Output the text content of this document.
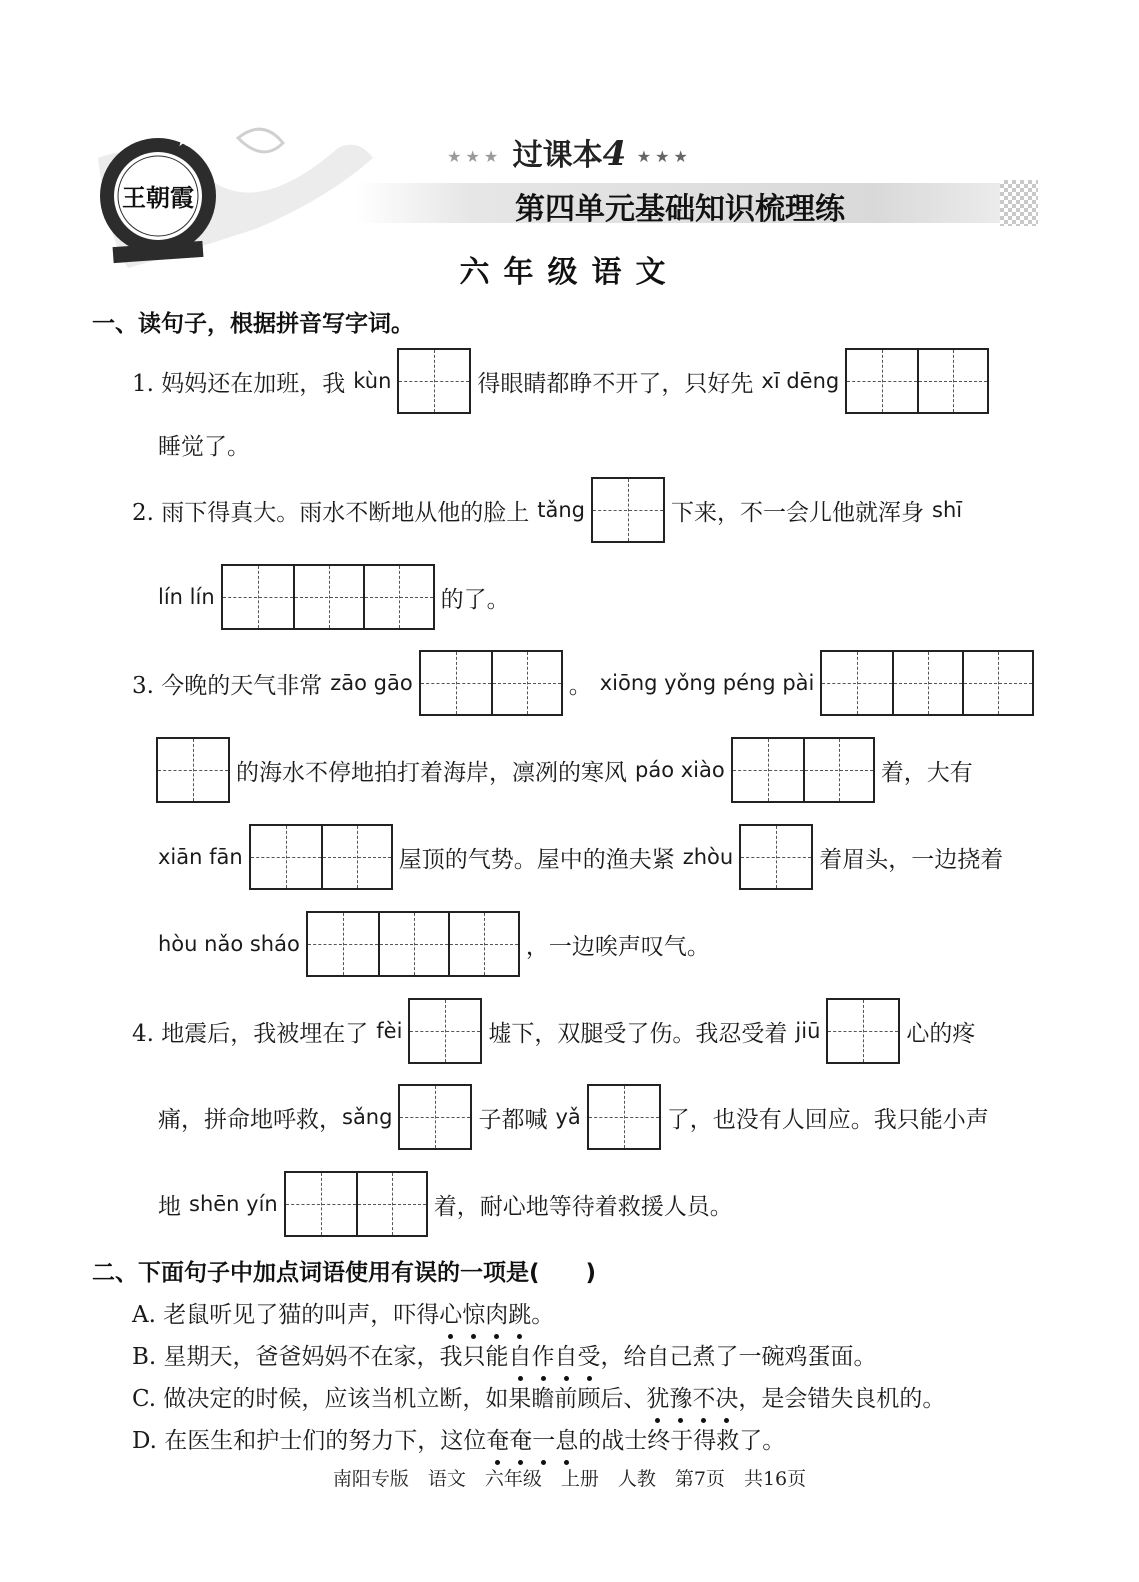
王朝霞
★ ★ ★
★★★ 过课本4 ★★★
第四单元基础知识梳理练
六年级语文
一、读句子，根据拼音写字词。
1. 妈妈还在加班，我 kùn	得眼睛都睁不开了，只好先 xī dēng
睡觉了。
2. 雨下得真大。雨水不断地从他的脸上 tǎng	下来，不一会儿他就浑身 shī
lín lín	的了。
3. 今晚的天气非常 zāo gāo	。 xiōng yǒng péng pài
的海水不停地拍打着海岸，凛冽的寒风 páo xiào	着，大有
xiān fān	屋顶的气势。屋中的渔夫紧 zhòu	着眉头，一边挠着
hòu nǎo sháo	，一边唉声叹气。
4. 地震后，我被埋在了 fèi	墟下，双腿受了伤。我忍受着 jiū	心的疼
痛，拼命地呼救， sǎng	子都喊 yǎ	了，也没有人回应。我只能小声
地 shēn yín	着，耐心地等待着救援人员。
二、下面句子中加点词语使用有误的一项是(　　)
A. 老鼠听见了猫的叫声，吓得心惊肉跳。
B. 星期天，爸爸妈妈不在家，我只能自作自受，给自己煮了一碗鸡蛋面。
C. 做决定的时候，应该当机立断，如果瞻前顾后、犹豫不决，是会错失良机的。
D. 在医生和护士们的努力下，这位奄奄一息的战士终于得救了。
南阳专版　语文　六年级　上册　人教　第7页　共16页
